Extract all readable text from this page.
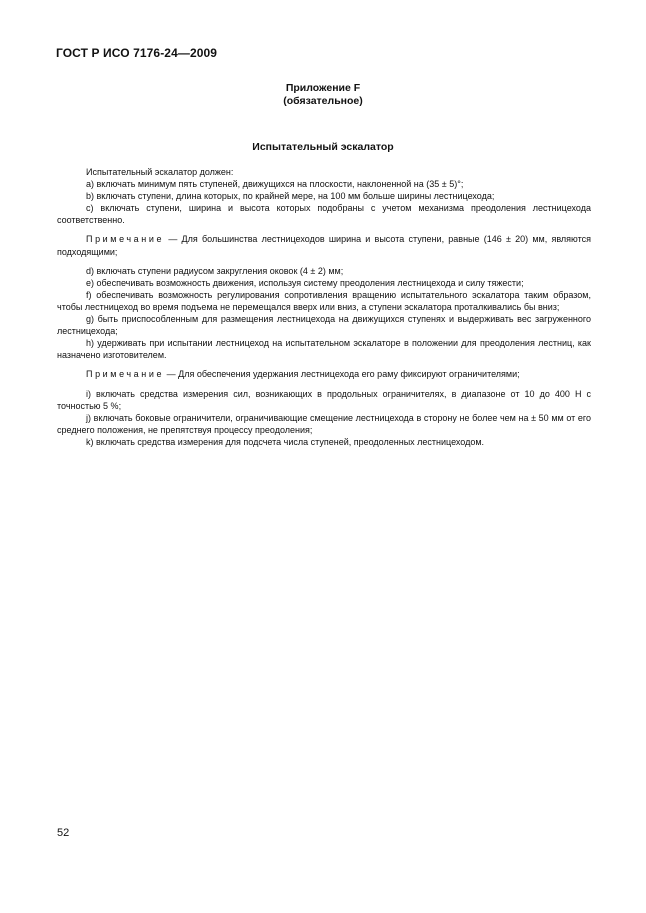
ГОСТ Р ИСО 7176-24—2009
Приложение F
(обязательное)
Испытательный эскалатор

Испытательный эскалатор должен:

a) включать минимум пять ступеней, движущихся на плоскости, наклоненной на (35 ± 5)°;

b) включать ступени, длина которых, по крайней мере, на 100 мм больше ширины лестницехода;

c) включать ступени, ширина и высота которых подобраны с учетом механизма преодоления лестницехода соответственно.

Примечание — Для большинства лестницеходов ширина и высота ступени, равные (146 ± 20) мм, являются подходящими;

d) включать ступени радиусом закругления оковок (4 ± 2) мм;

e) обеспечивать возможность движения, используя систему преодоления лестницехода и силу тяжести;

f) обеспечивать возможность регулирования сопротивления вращению испытательного эскалатора таким образом, чтобы лестницеход во время подъема не перемещался вверх или вниз, а ступени эскалатора проталкивались бы вниз;

g) быть приспособленным для размещения лестницехода на движущихся ступенях и выдерживать вес загруженного лестницехода;

h) удерживать при испытании лестницеход на испытательном эскалаторе в положении для преодоления лестниц, как назначено изготовителем.

Примечание — Для обеспечения удержания лестницехода его раму фиксируют ограничителями;

i) включать средства измерения сил, возникающих в продольных ограничителях, в диапазоне от 10 до 400 Н с точностью 5 %;

j) включать боковые ограничители, ограничивающие смещение лестницехода в сторону не более чем на ± 50 мм от его среднего положения, не препятствуя процессу преодоления;

k) включать средства измерения для подсчета числа ступеней, преодоленных лестницеходом.

52
